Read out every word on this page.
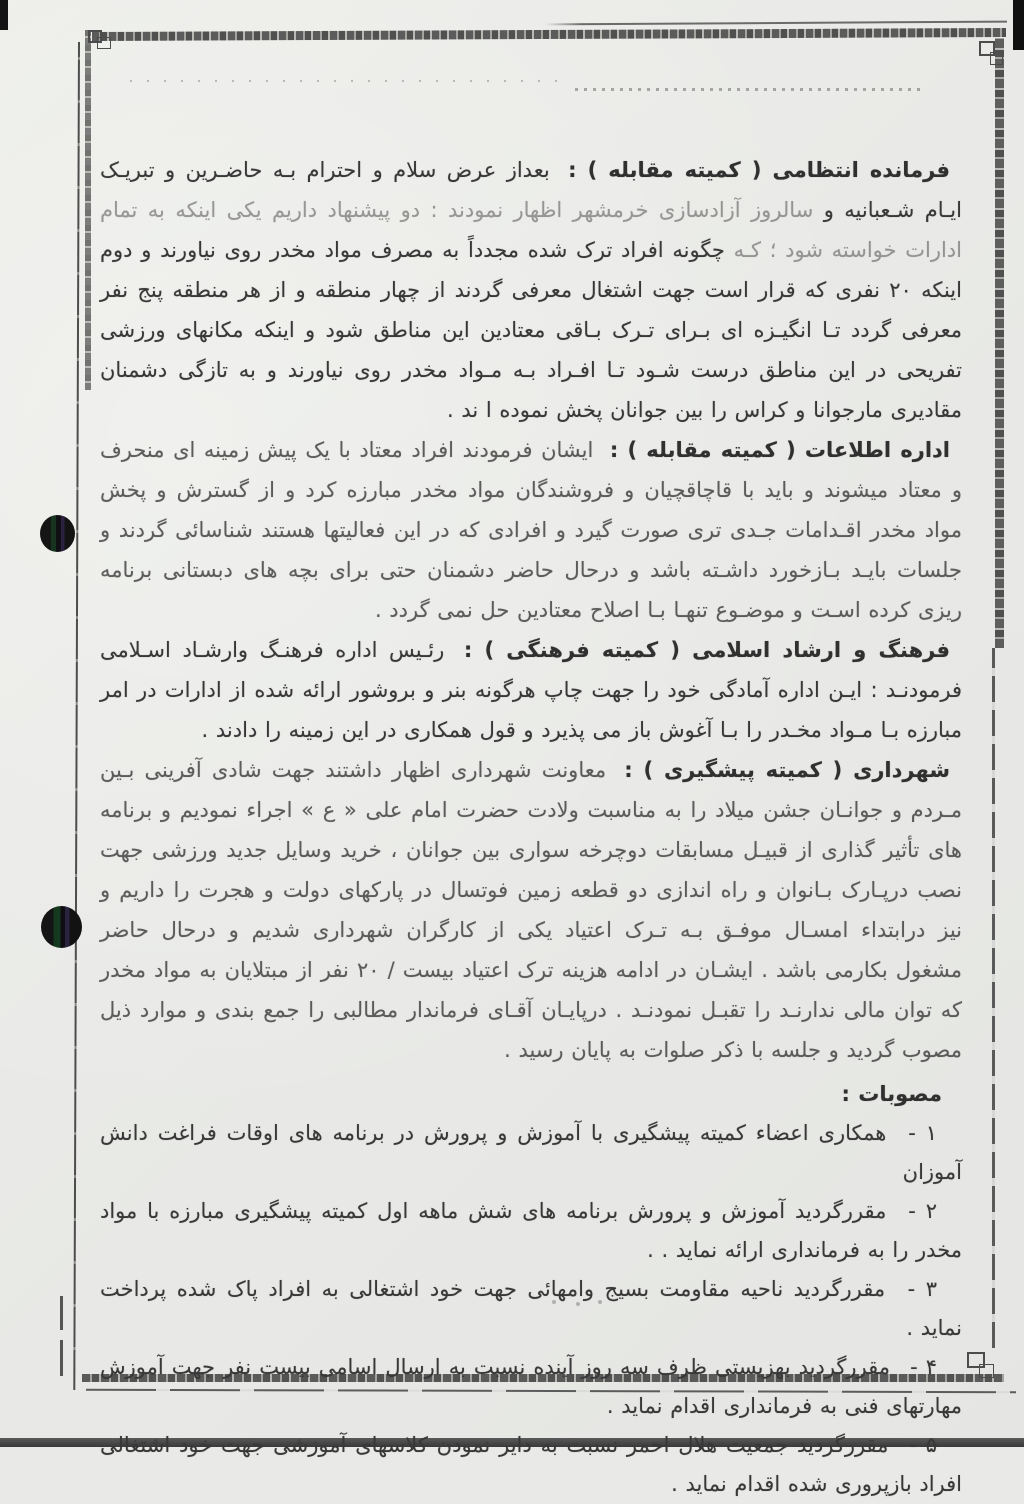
فرمانده انتظامی ( کمیته مقابله ) : بعداز عرض سلام و احترام بـه حاضـرین و تبریـک ایـام شـعبانیه و سالروز آزادسازی خرمشهر اظهار نمودند : دو پیشنهاد داریم یکی اینکه به تمام ادارات خواسته شود ؛ کـه چگونه افراد ترک شده مجدداً به مصرف مواد مخدر روی نیاورند و دوم اینکه ۲۰ نفری که قرار است جهت اشتغال معرفی گردند از چهار منطقه و از هر منطقه پنج نفر معرفی گردد تـا انگیـزه ای بـرای تـرک بـاقی معتادین این مناطق شود و اینکه مکانهای ورزشی تفریحی در این مناطق درست شـود تـا افـراد بـه مـواد مخدر روی نیاورند و به تازگی دشمنان مقادیری مارجوانا و کراس را بین جوانان پخش نموده ا ند .

اداره اطلاعات ( کمیته مقابله ) : ایشان فرمودند افراد معتاد با یک پیش زمینه ای منحرف و معتاد میشوند و باید با قاچاقچیان و فروشندگان مواد مخدر مبارزه کرد و از گسترش و پخش مواد مخدر اقـدامات جـدی تری صورت گیرد و افرادی که در این فعالیتها هستند شناسائی گردند و جلسات بایـد بـازخورد داشـته باشد و درحال حاضر دشمنان حتی برای بچه های دبستانی برنامه ریزی کرده اسـت و موضـوع تنهـا بـا اصلاح معتادین حل نمی گردد .

فرهنگ و ارشاد اسلامی ( کمیته فرهنگی ) : رئـیس اداره فرهنـگ وارشـاد اسـلامی فرمودنـد : ایـن اداره آمادگی خود را جهت چاپ هرگونه بنر و بروشور ارائه شده از ادارات در امر مبارزه بـا مـواد مخـدر را بـا آغوش باز می پذیرد و قول همکاری در این زمینه را دادند .

شهرداری ( کمیته پیشگیری ) : معاونت شهرداری اظهار داشتند جهت شادی آفرینی بـین مـردم و جوانـان جشن میلاد را به مناسبت ولادت حضرت امام علی « ع » اجراء نمودیم و برنامه های تأثیر گذاری از قبیـل مسابقات دوچرخه سواری بین جوانان ، خرید وسایل جدید ورزشی جهت نصب درپـارک بـانوان و راه اندازی دو قطعه زمین فوتسال در پارکهای دولت و هجرت را داریم و نیز درابتداء امسـال موفـق بـه تـرک اعتیاد یکی از کارگران شهرداری شدیم و درحال حاضر مشغول بکارمی باشد . ایشـان در ادامه هزینه ترک اعتیاد بیست / ۲۰ نفر از مبتلایان به مواد مخدر که توان مالی ندارنـد را تقبـل نمودنـد . درپایـان آقـای فرماندار مطالبی را جمع بندی و موارد ذیل مصوب گردید و جلسه با ذکر صلوات به پایان رسید .

مصوبات :

۱ - همکاری اعضاء کمیته پیشگیری با آموزش و پرورش در برنامه های اوقات فراغت دانش آموزان

۲ - مقررگردید آموزش و پرورش برنامه های شش ماهه اول کمیته پیشگیری مبارزه با مواد مخدر را به فرمانداری ارائه نماید . .

۳ - مقررگردید ناحیه مقاومت بسیج وامهائی جهت خود اشتغالی به افراد پاک شده پرداخت نماید .

۴ - مقررگردید بهزیستی ظرف سه روز آینده نسبت به ارسال اسامی بیست نفر جهت آموزش مهارتهای فنی به فرمانداری اقدام نماید .

۵ - مقررگردید جمعیت هلال احمر نسبت به دایر نمودن کلاسهای آموزشی جهت خود اشتغالی افراد بازپروری شده اقدام نماید .
